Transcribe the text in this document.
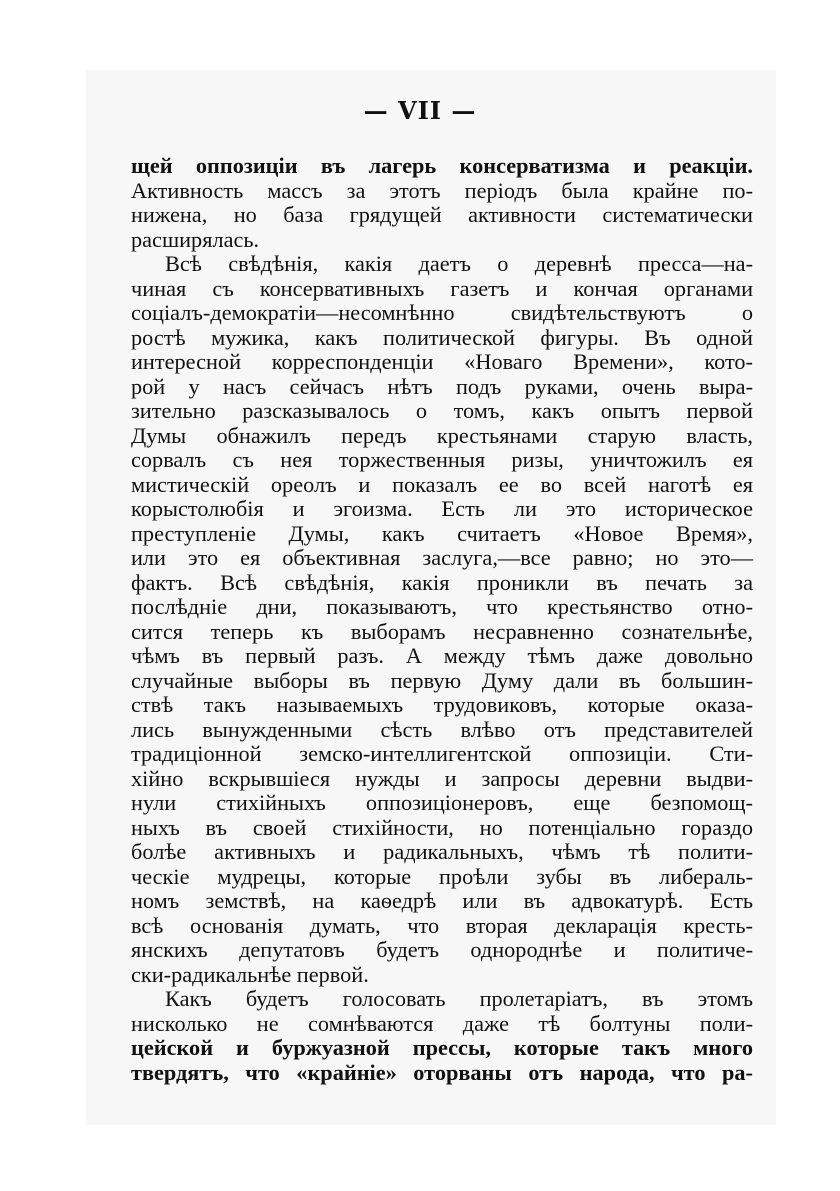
— VII —
щей оппозиціи въ лагерь консерватизма и реакціи.
Активность массъ за этотъ періодъ была крайне по-
нижена, но база грядущей активности систематически
расширялась.
Всѣ свѣдѣнія, какія даетъ о деревнѣ пресса—на-
чиная съ консервативныхъ газетъ и кончая органами
соціалъ-демократіи—несомнѣнно свидѣтельствуютъ о
ростѣ мужика, какъ политической фигуры. Въ одной
интересной корреспонденціи «Новаго Времени», кото-
рой у насъ сейчасъ нѣтъ подъ руками, очень выра-
зительно разсказывалось о томъ, какъ опытъ первой
Думы обнажилъ передъ крестьянами старую власть,
сорвалъ съ нея торжественныя ризы, уничтожилъ ея
мистическій ореолъ и показалъ ее во всей наготѣ ея
корыстолюбія и эгоизма. Есть ли это историческое
преступленіе Думы, какъ считаетъ «Новое Время»,
или это ея объективная заслуга,—все равно; но это—
фактъ. Всѣ свѣдѣнія, какія проникли въ печать за
послѣдніе дни, показываютъ, что крестьянство отно-
сится теперь къ выборамъ несравненно сознательнѣе,
чѣмъ въ первый разъ. А между тѣмъ даже довольно
случайные выборы въ первую Думу дали въ большин-
ствѣ такъ называемыхъ трудовиковъ, которые оказа-
лись вынужденными сѣсть влѣво отъ представителей
традиціонной земско-интеллигентской оппозиціи. Сти-
хійно вскрывшіеся нужды и запросы деревни выдви-
нули стихійныхъ оппозиціонеровъ, еще безпомощ-
ныхъ въ своей стихійности, но потенціально гораздо
болѣе активныхъ и радикальныхъ, чѣмъ тѣ полити-
ческіе мудрецы, которые проѣли зубы въ либераль-
номъ земствѣ, на каѳедрѣ или въ адвокатурѣ. Есть
всѣ основанія думать, что вторая декларація кресть-
янскихъ депутатовъ будетъ однороднѣе и политиче-
ски-радикальнѣе первой.
Какъ будетъ голосовать пролетаріатъ, въ этомъ
нисколько не сомнѣваются даже тѣ болтуны поли-
цейской и буржуазной прессы, которые такъ много
твердятъ, что «крайніе» оторваны отъ народа, что ра-
